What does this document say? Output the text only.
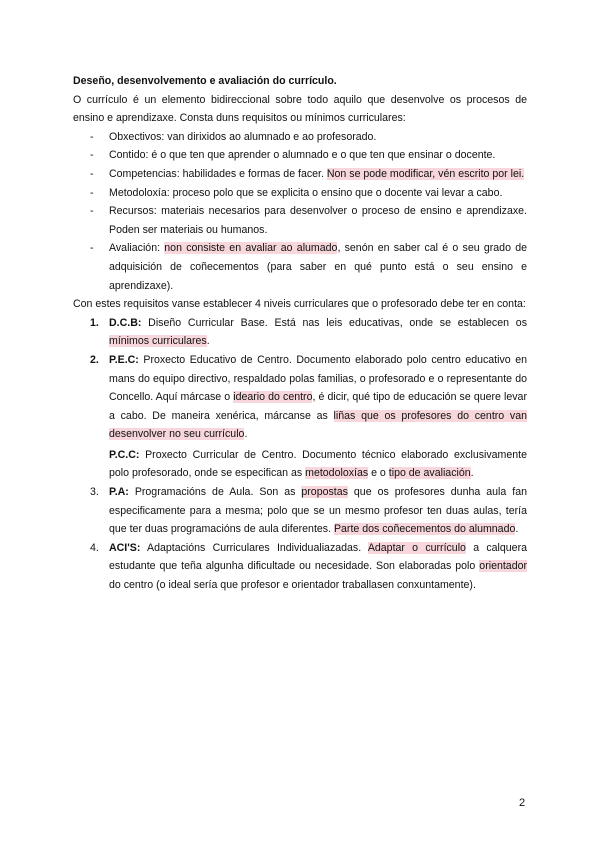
Deseño, desenvolvemento e avaliación do currículo.

O currículo é un elemento bidireccional sobre todo aquilo que desenvolve os procesos de ensino e aprendizaxe. Consta duns requisitos ou mínimos curriculares:

- Obxectivos: van dirixidos ao alumnado e ao profesorado.
- Contido: é o que ten que aprender o alumnado e o que ten que ensinar o docente.
- Competencias: habilidades e formas de facer. Non se pode modificar, vén escrito por lei.
- Metodoloxía: proceso polo que se explicita o ensino que o docente vai levar a cabo.
- Recursos: materiais necesarios para desenvolver o proceso de ensino e aprendizaxe. Poden ser materiais ou humanos.
- Avaliación: non consiste en avaliar ao alumado, senón en saber cal é o seu grado de adquisición de coñecementos (para saber en qué punto está o seu ensino e aprendizaxe).

Con estes requisitos vanse establecer 4 niveis curriculares que o profesorado debe ter en conta:

1. D.C.B: Diseño Curricular Base. Está nas leis educativas, onde se establecen os mínimos curriculares.
2. P.E.C: Proxecto Educativo de Centro. Documento elaborado polo centro educativo en mans do equipo directivo, respaldado polas familias, o profesorado e o representante do Concello. Aquí márcase o ideario do centro, é dicir, qué tipo de educación se quere levar a cabo. De maneira xenérica, márcanse as liñas que os profesores do centro van desenvolver no seu currículo.
P.C.C: Proxecto Curricular de Centro. Documento técnico elaborado exclusivamente polo profesorado, onde se especifican as metodoloxías e o tipo de avaliación.
3. P.A: Programacións de Aula. Son as propostas que os profesores dunha aula fan especificamente para a mesma; polo que se un mesmo profesor ten duas aulas, tería que ter duas programacións de aula diferentes. Parte dos coñecementos do alumnado.
4. ACI'S: Adaptacións Curriculares Individualiazadas. Adaptar o currículo a calquera estudante que teña algunha dificultade ou necesidade. Son elaboradas polo orientador do centro (o ideal sería que profesor e orientador traballasen conxuntamente).
2
